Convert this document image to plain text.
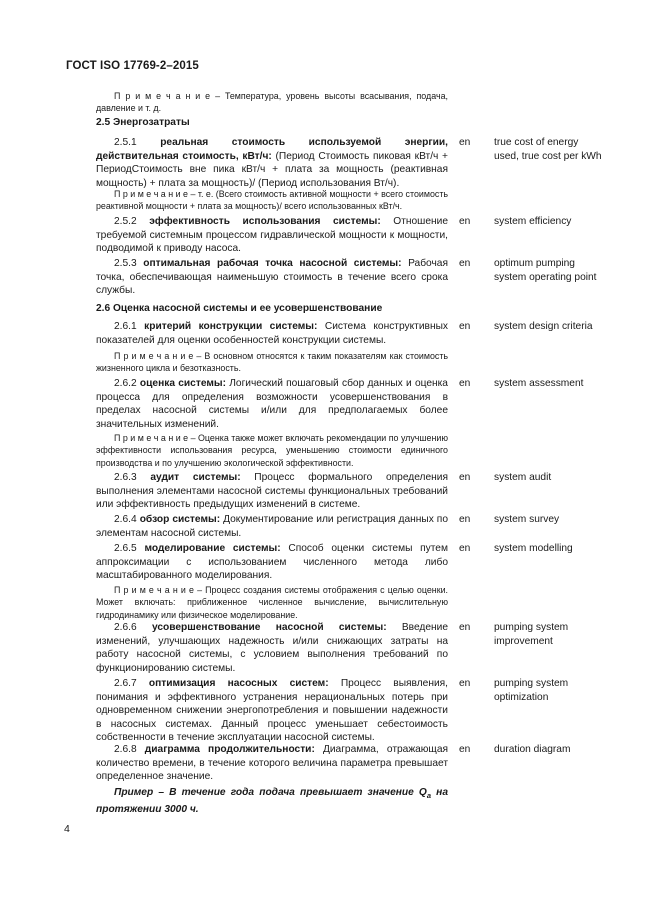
ГОСТ ISO 17769-2–2015
П р и м е ч а н и е – Температура, уровень высоты всасывания, подача, давление и т. д.
2.5 Энергозатраты
2.5.1 реальная стоимость используемой энергии, действительная стоимость, кВт/ч: (Период Стоимость пиковая кВт/ч + ПериодСтоимость вне пика кВт/ч + плата за мощность (реактивная мощность) + плата за мощность)/ (Период использования Вт/ч).
en true cost of energy used, true cost per kWh
П р и м е ч а н и е – т. е. (Всего стоимость активной мощности + всего стоимость реактивной мощности + плата за мощность)/ всего использованных кВт/ч.
2.5.2 эффективность использования системы: Отношение требуемой системным процессом гидравлической мощности к мощности, подводимой к приводу насоса.
en system efficiency
2.5.3 оптимальная рабочая точка насосной системы: Рабочая точка, обеспечивающая наименьшую стоимость в течение всего срока службы.
en optimum pumping system operating point
2.6 Оценка насосной системы и ее усовершенствование
2.6.1 критерий конструкции системы: Система конструктивных показателей для оценки особенностей конструкции системы.
en system design criteria
П р и м е ч а н и е – В основном относятся к таким показателям как стоимость жизненного цикла и безотказность.
2.6.2 оценка системы: Логический пошаговый сбор данных и оценка процесса для определения возможности усовершенствования в пределах насосной системы и/или для предполагаемых более значительных изменений.
en system assessment
П р и м е ч а н и е – Оценка также может включать рекомендации по улучшению эффективности использования ресурса, уменьшению стоимости единичного производства и по улучшению экологической эффективности.
2.6.3 аудит системы: Процесс формального определения выполнения элементами насосной системы функциональных требований или эффективность предыдущих изменений в системе.
en system audit
2.6.4 обзор системы: Документирование или регистрация данных по элементам насосной системы.
en system survey
2.6.5 моделирование системы: Способ оценки системы путем аппроксимации с использованием численного метода либо масштабированного моделирования.
en system modelling
П р и м е ч а н и е – Процесс создания системы отображения с целью оценки. Может включать: приближенное численное вычисление, вычислительную гидродинамику или физическое моделирование.
2.6.6 усовершенствование насосной системы: Введение изменений, улучшающих надежность и/или снижающих затраты на работу насосной системы, с условием выполнения требований по функционированию системы.
en pumping system improvement
2.6.7 оптимизация насосных систем: Процесс выявления, понимания и эффективного устранения нерациональных потерь при одновременном снижении энергопотребления и повышении надежности в насосных системах. Данный процесс уменьшает себестоимость собственности в течение эксплуатации насосной системы.
en pumping system optimization
2.6.8 диаграмма продолжительности: Диаграмма, отражающая количество времени, в течение которого величина параметра превышает определенное значение.
en duration diagram
Пример – В течение года подача превышает значение $Q_a$ на протяжении 3000 ч.
4
